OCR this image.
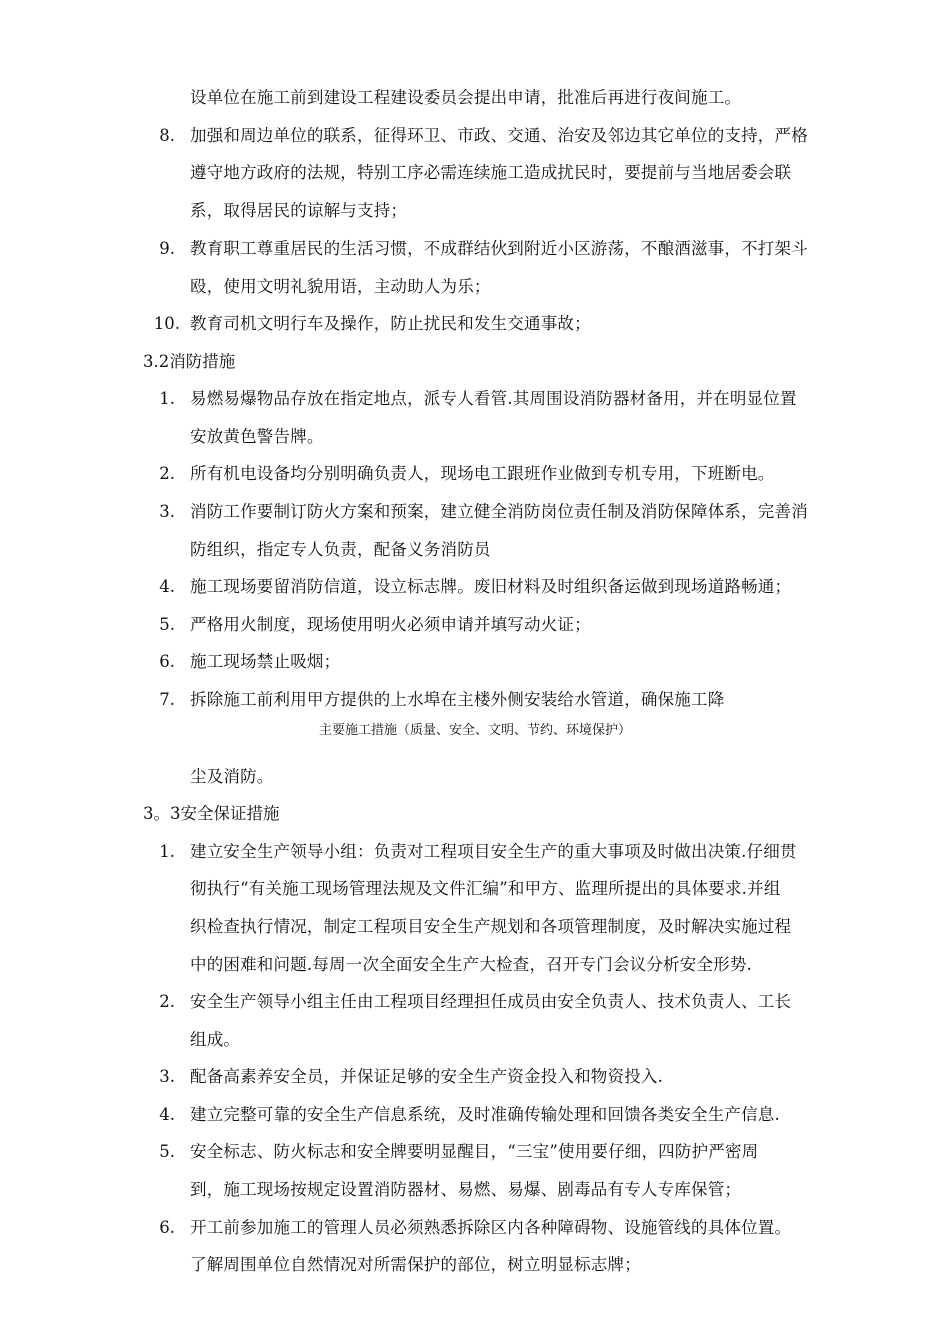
设单位在施工前到建设工程建设委员会提出申请，批准后再进行夜间施工。
8. 加强和周边单位的联系，征得环卫、市政、交通、治安及邻边其它单位的支持，严格
遵守地方政府的法规，特别工序必需连续施工造成扰民时，要提前与当地居委会联
系，取得居民的谅解与支持；
9. 教育职工尊重居民的生活习惯，不成群结伙到附近小区游荡，不酿酒滋事，不打架斗
殴，使用文明礼貌用语，主动助人为乐；
10. 教育司机文明行车及操作，防止扰民和发生交通事故；
3.2消防措施
1. 易燃易爆物品存放在指定地点，派专人看管.其周围设消防器材备用，并在明显位置
安放黄色警告牌。
2. 所有机电设备均分别明确负责人，现场电工跟班作业做到专机专用，下班断电。
3. 消防工作要制订防火方案和预案，建立健全消防岗位责任制及消防保障体系，完善消
防组织，指定专人负责，配备义务消防员
4. 施工现场要留消防信道，设立标志牌。废旧材料及时组织备运做到现场道路畅通；
5. 严格用火制度，现场使用明火必须申请并填写动火证；
6. 施工现场禁止吸烟；
7. 拆除施工前利用甲方提供的上水埠在主楼外侧安装给水管道，确保施工降
主要施工措施（质量、安全、文明、节约、环境保护）
尘及消防。
3。3安全保证措施
1. 建立安全生产领导小组：负责对工程项目安全生产的重大事项及时做出决策.仔细贯
彻执行“有关施工现场管理法规及文件汇编”和甲方、监理所提出的具体要求.并组
织检查执行情况，制定工程项目安全生产规划和各项管理制度，及时解决实施过程
中的困难和问题.每周一次全面安全生产大检查，召开专门会议分析安全形势.
2. 安全生产领导小组主任由工程项目经理担任成员由安全负责人、技术负责人、工长
组成。
3. 配备高素养安全员，并保证足够的安全生产资金投入和物资投入.
4. 建立完整可靠的安全生产信息系统，及时准确传输处理和回馈各类安全生产信息.
5. 安全标志、防火标志和安全牌要明显醒目，“三宝”使用要仔细，四防护严密周
到，施工现场按规定设置消防器材、易燃、易爆、剧毒品有专人专库保管；
6. 开工前参加施工的管理人员必须熟悉拆除区内各种障碍物、设施管线的具体位置。
了解周围单位自然情况对所需保护的部位，树立明显标志牌；
